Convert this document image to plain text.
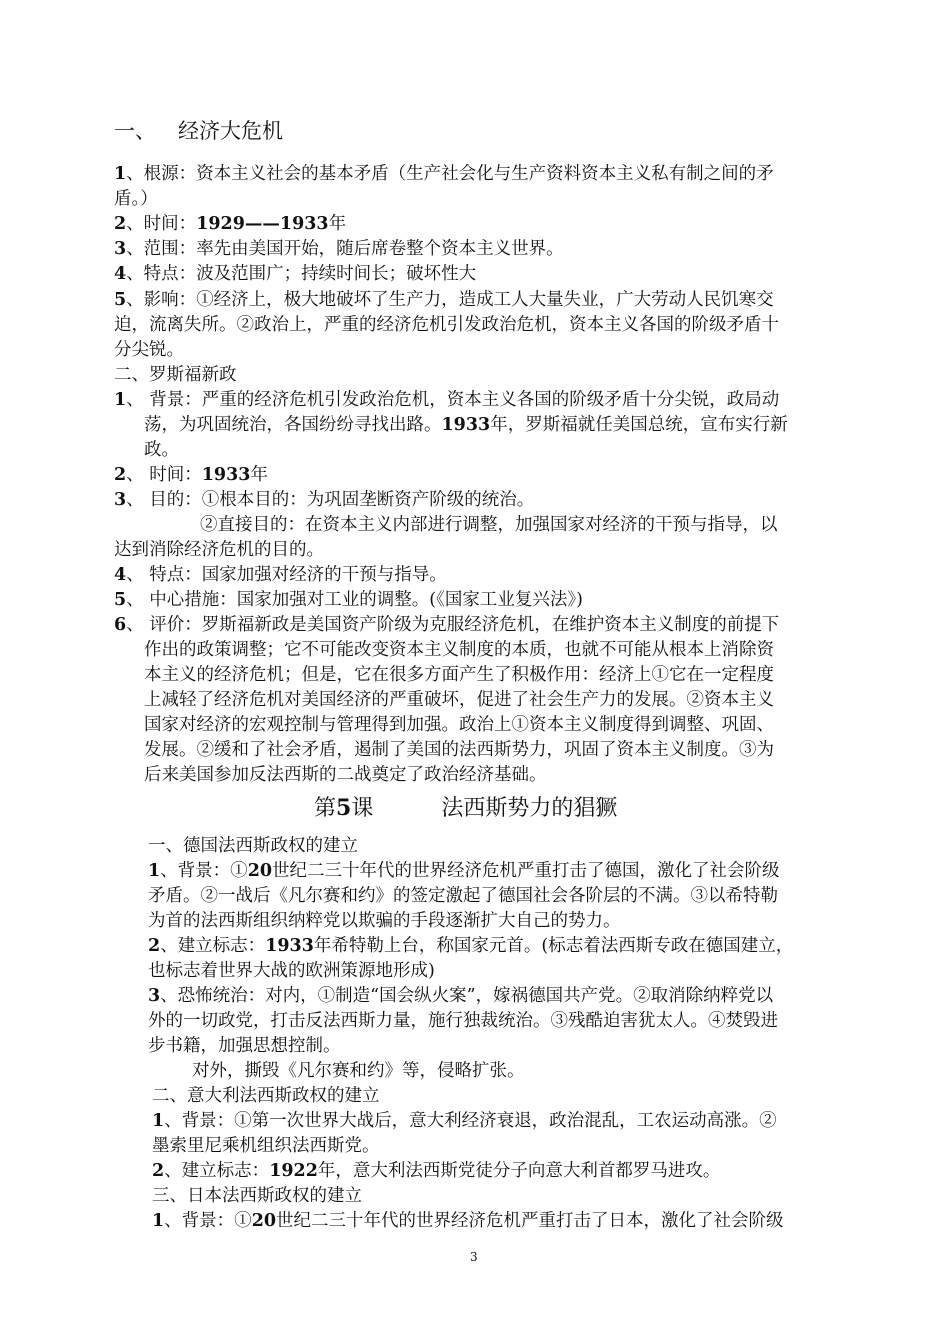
一、 经济大危机
1、根源：资本主义社会的基本矛盾（生产社会化与生产资料资本主义私有制之间的矛
盾。）
2、时间：1929——1933年
3、范围：率先由美国开始，随后席卷整个资本主义世界。
4、特点：波及范围广；持续时间长；破坏性大
5、影响：①经济上，极大地破坏了生产力，造成工人大量失业，广大劳动人民饥寒交
迫，流离失所。②政治上，严重的经济危机引发政治危机，资本主义各国的阶级矛盾十
分尖锐。
二、罗斯福新政
1、 背景：严重的经济危机引发政治危机，资本主义各国的阶级矛盾十分尖锐，政局动
荡，为巩固统治，各国纷纷寻找出路。1933年，罗斯福就任美国总统，宣布实行新
政。
2、 时间：1933年
3、 目的：①根本目的：为巩固垄断资产阶级的统治。
②直接目的：在资本主义内部进行调整，加强国家对经济的干预与指导，以
达到消除经济危机的目的。
4、 特点：国家加强对经济的干预与指导。
5、 中心措施：国家加强对工业的调整。(《国家工业复兴法》)
6、 评价：罗斯福新政是美国资产阶级为克服经济危机，在维护资本主义制度的前提下
作出的政策调整；它不可能改变资本主义制度的本质，也就不可能从根本上消除资
本主义的经济危机；但是，它在很多方面产生了积极作用：经济上①它在一定程度
上减轻了经济危机对美国经济的严重破坏，促进了社会生产力的发展。②资本主义
国家对经济的宏观控制与管理得到加强。政治上①资本主义制度得到调整、巩固、
发展。②缓和了社会矛盾，遏制了美国的法西斯势力，巩固了资本主义制度。③为
后来美国参加反法西斯的二战奠定了政治经济基础。
第5课	法西斯势力的猖獗
一、德国法西斯政权的建立
1、背景：①20世纪二三十年代的世界经济危机严重打击了德国，激化了社会阶级
矛盾。②一战后《凡尔赛和约》的签定激起了德国社会各阶层的不满。③以希特勒
为首的法西斯组织纳粹党以欺骗的手段逐渐扩大自己的势力。
2、建立标志：1933年希特勒上台，称国家元首。(标志着法西斯专政在德国建立，
也标志着世界大战的欧洲策源地形成)
3、恐怖统治：对内，①制造“国会纵火案”，嫁祸德国共产党。②取消除纳粹党以
外的一切政党，打击反法西斯力量，施行独裁统治。③残酷迫害犹太人。④焚毁进
步书籍，加强思想控制。
对外，撕毁《凡尔赛和约》等，侵略扩张。
二、意大利法西斯政权的建立
1、背景：①第一次世界大战后，意大利经济衰退，政治混乱，工农运动高涨。②
墨索里尼乘机组织法西斯党。
2、建立标志：1922年，意大利法西斯党徒分子向意大利首都罗马进攻。
三、日本法西斯政权的建立
1、背景：①20世纪二三十年代的世界经济危机严重打击了日本，激化了社会阶级
3
